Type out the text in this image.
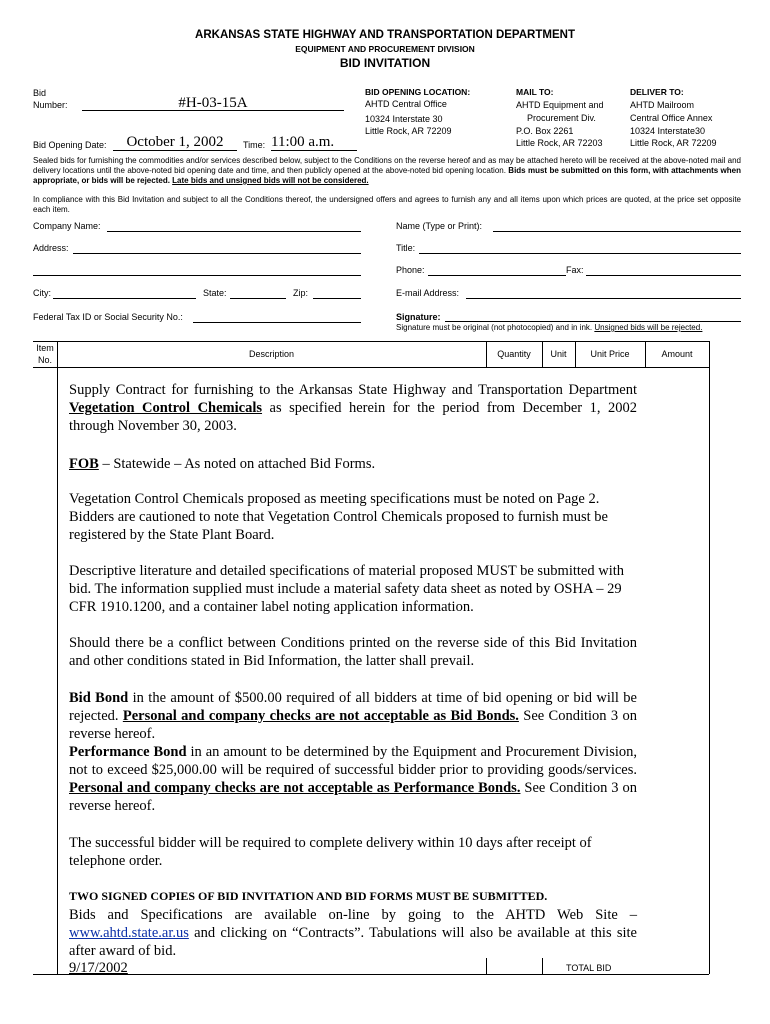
ARKANSAS STATE HIGHWAY AND TRANSPORTATION DEPARTMENT
EQUIPMENT AND PROCUREMENT DIVISION
BID INVITATION
Bid
Number:	#H-03-15A
Bid Opening Date:	October 1, 2002	Time: 11:00 a.m.
BID OPENING LOCATION:
AHTD Central Office
10324 Interstate 30
Little Rock, AR 72209
MAIL TO:
AHTD Equipment and
Procurement Div.
P.O. Box 2261
Little Rock, AR 72203
DELIVER TO:
AHTD Mailroom
Central Office Annex
10324 Interstate30
Little Rock, AR 72209
Sealed bids for furnishing the commodities and/or services described below, subject to the Conditions on the reverse hereof and as may be attached hereto will be received at the above-noted mail and delivery locations until the above-noted bid opening date and time, and then publicly opened at the above-noted bid opening location. Bids must be submitted on this form, with attachments when appropriate, or bids will be rejected. Late bids and unsigned bids will not be considered.
In compliance with this Bid Invitation and subject to all the Conditions thereof, the undersigned offers and agrees to furnish any and all items upon which prices are quoted, at the price set opposite each item.
Company Name:	Name (Type or Print):
Address:	Title:
Phone:	Fax:
City:	State:	Zip:	E-mail Address:
Federal Tax ID or Social Security No.:	Signature:
Signature must be original (not photocopied) and in ink. Unsigned bids will be rejected.
Item
No.
Description	Quantity	Unit	Unit Price	Amount
TOTAL BID
Supply Contract for furnishing to the Arkansas State Highway and Transportation Department Vegetation Control Chemicals as specified herein for the period from December 1, 2002 through November 30, 2003.
FOB – Statewide – As noted on attached Bid Forms.
Vegetation Control Chemicals proposed as meeting specifications must be noted on Page 2. Bidders are cautioned to note that Vegetation Control Chemicals proposed to furnish must be registered by the State Plant Board.
Descriptive literature and detailed specifications of material proposed MUST be submitted with bid. The information supplied must include a material safety data sheet as noted by OSHA – 29 CFR 1910.1200, and a container label noting application information.
Should there be a conflict between Conditions printed on the reverse side of this Bid Invitation and other conditions stated in Bid Information, the latter shall prevail.
Bid Bond in the amount of $500.00 required of all bidders at time of bid opening or bid will be rejected. Personal and company checks are not acceptable as Bid Bonds. See Condition 3 on reverse hereof.
Performance Bond in an amount to be determined by the Equipment and Procurement Division, not to exceed $25,000.00 will be required of successful bidder prior to providing goods/services. Personal and company checks are not acceptable as Performance Bonds. See Condition 3 on reverse hereof.
The successful bidder will be required to complete delivery within 10 days after receipt of telephone order.
TWO SIGNED COPIES OF BID INVITATION AND BID FORMS MUST BE SUBMITTED.
Bids and Specifications are available on-line by going to the AHTD Web Site – www.ahtd.state.ar.us and clicking on “Contracts”. Tabulations will also be available at this site after award of bid.
9/17/2002
